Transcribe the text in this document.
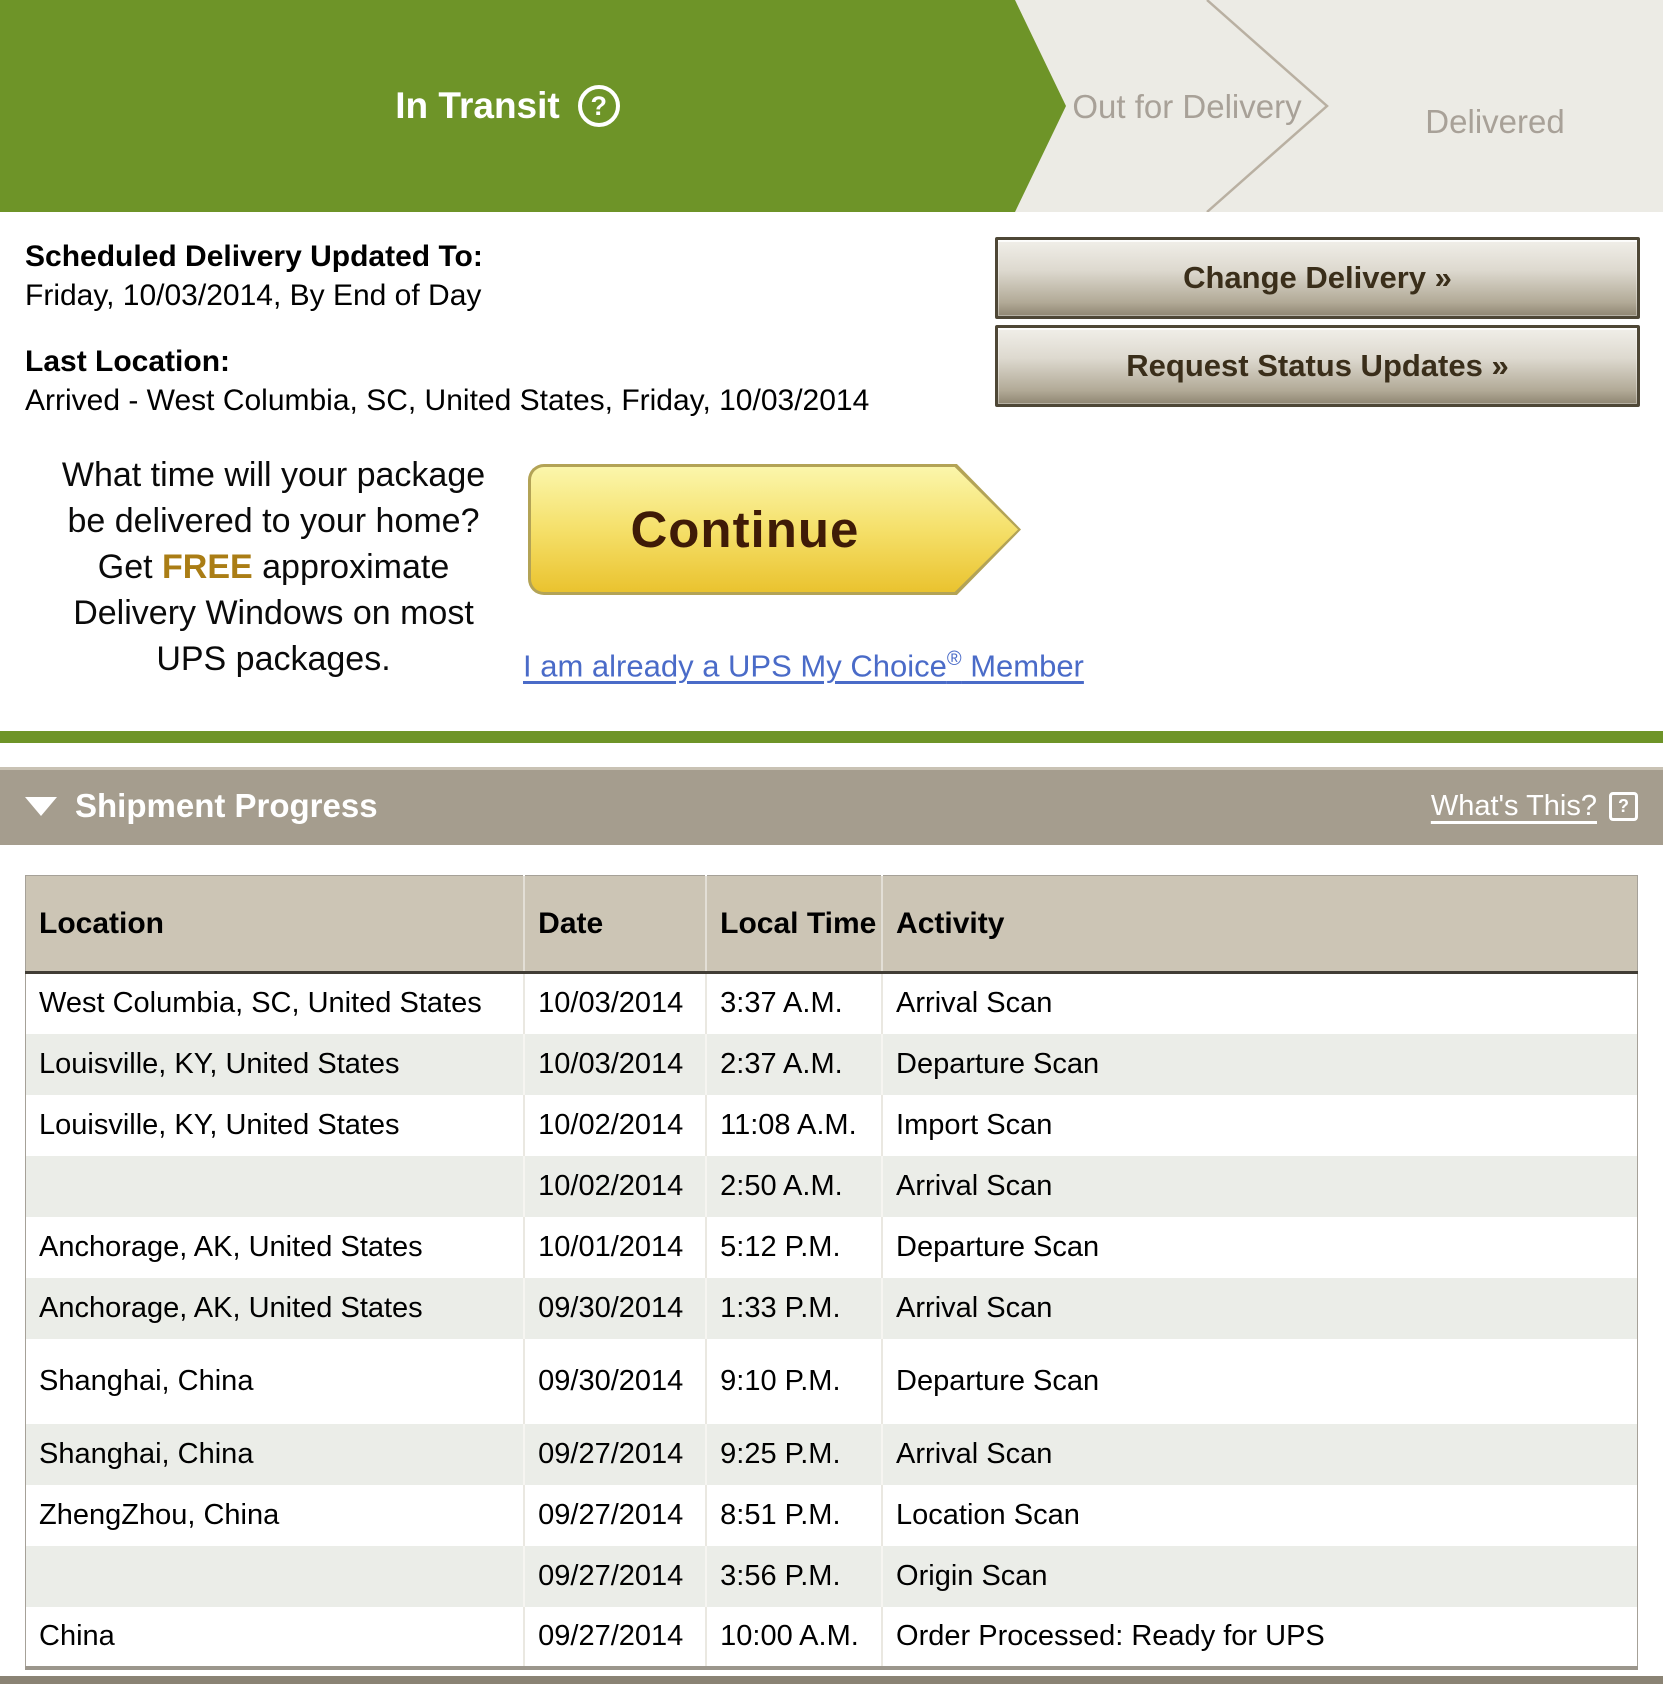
In Transit	?	Out for Delivery	Delivered
Scheduled Delivery Updated To:
Friday, 10/03/2014, By End of Day
Last Location:
Arrived - West Columbia, SC, United States, Friday, 10/03/2014
Change Delivery »
Request Status Updates »
What time will your package
be delivered to your home?
Get FREE approximate
Delivery Windows on most
UPS packages.
Continue
I am already a UPS My Choice® Member
Shipment Progress	What's This?	?
Location	Date	Local Time	Activity
West Columbia, SC, United States	10/03/2014	3:37 A.M.	Arrival Scan
Louisville, KY, United States	10/03/2014	2:37 A.M.	Departure Scan
Louisville, KY, United States	10/02/2014	11:08 A.M.	Import Scan
	10/02/2014	2:50 A.M.	Arrival Scan
Anchorage, AK, United States	10/01/2014	5:12 P.M.	Departure Scan
Anchorage, AK, United States	09/30/2014	1:33 P.M.	Arrival Scan
Shanghai, China	09/30/2014	9:10 P.M.	Departure Scan
Shanghai, China	09/27/2014	9:25 P.M.	Arrival Scan
ZhengZhou, China	09/27/2014	8:51 P.M.	Location Scan
	09/27/2014	3:56 P.M.	Origin Scan
China	09/27/2014	10:00 A.M.	Order Processed: Ready for UPS
